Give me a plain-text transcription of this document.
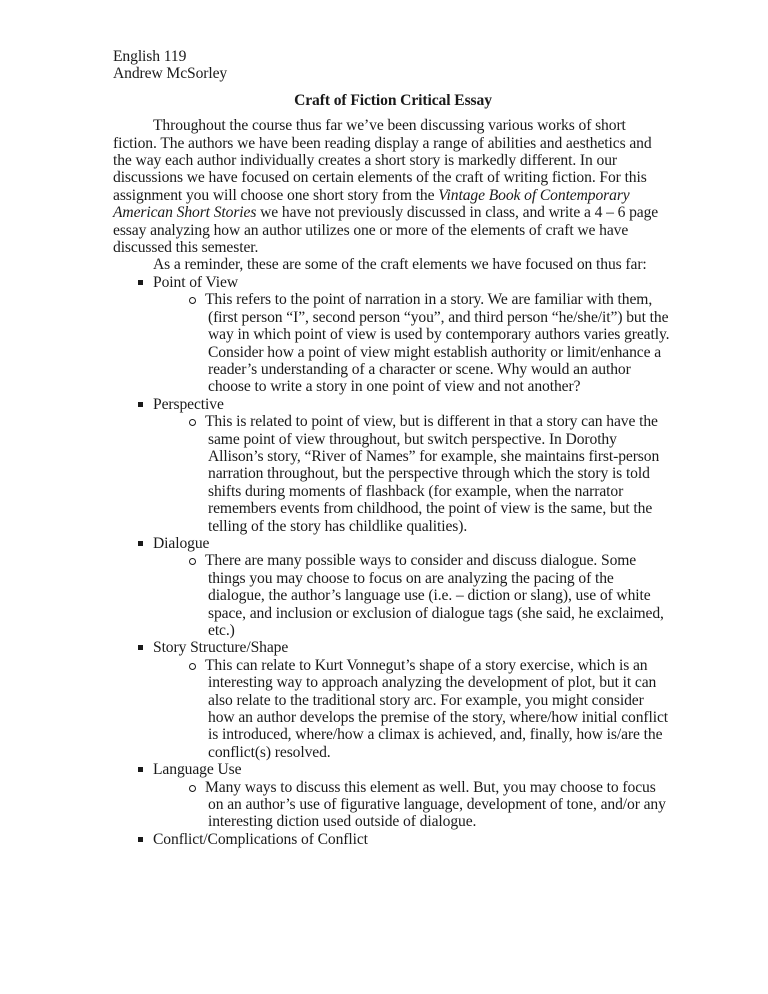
English 119
Andrew McSorley
Craft of Fiction Critical Essay

Throughout the course thus far we’ve been discussing various works of short fiction. The authors we have been reading display a range of abilities and aesthetics and the way each author individually creates a short story is markedly different. In our discussions we have focused on certain elements of the craft of writing fiction. For this assignment you will choose one short story from the Vintage Book of Contemporary American Short Stories we have not previously discussed in class, and write a 4 – 6 page essay analyzing how an author utilizes one or more of the elements of craft we have discussed this semester.

As a reminder, these are some of the craft elements we have focused on thus far:

Point of View
This refers to the point of narration in a story. We are familiar with them, (first person “I”, second person “you”, and third person “he/she/it”) but the way in which point of view is used by contemporary authors varies greatly. Consider how a point of view might establish authority or limit/enhance a reader’s understanding of a character or scene. Why would an author choose to write a story in one point of view and not another?
Perspective
This is related to point of view, but is different in that a story can have the same point of view throughout, but switch perspective. In Dorothy Allison’s story, “River of Names” for example, she maintains first-person narration throughout, but the perspective through which the story is told shifts during moments of flashback (for example, when the narrator remembers events from childhood, the point of view is the same, but the telling of the story has childlike qualities).
Dialogue
There are many possible ways to consider and discuss dialogue. Some things you may choose to focus on are analyzing the pacing of the dialogue, the author’s language use (i.e. – diction or slang), use of white space, and inclusion or exclusion of dialogue tags (she said, he exclaimed, etc.)
Story Structure/Shape
This can relate to Kurt Vonnegut’s shape of a story exercise, which is an interesting way to approach analyzing the development of plot, but it can also relate to the traditional story arc. For example, you might consider how an author develops the premise of the story, where/how initial conflict is introduced, where/how a climax is achieved, and, finally, how is/are the conflict(s) resolved.
Language Use
Many ways to discuss this element as well. But, you may choose to focus on an author’s use of figurative language, development of tone, and/or any interesting diction used outside of dialogue.
Conflict/Complications of Conflict
